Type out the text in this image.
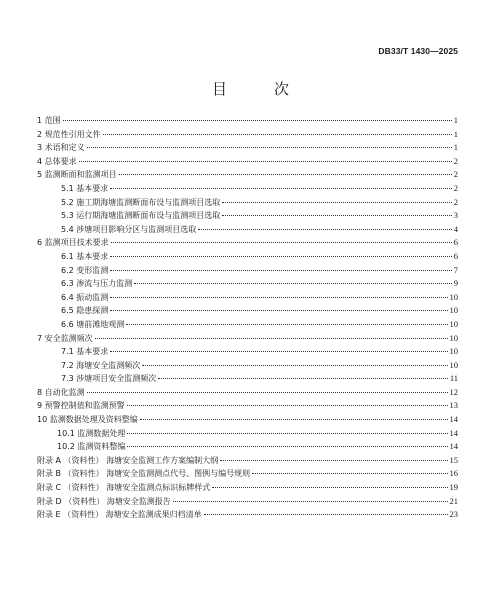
DB33/T 1430—2025
目　次
1 范围	1
2 规范性引用文件	1
3 术语和定义	1
4 总体要求	2
5 监测断面和监测项目	2
5.1 基本要求	2
5.2 施工期海塘监测断面布设与监测项目选取	2
5.3 运行期海塘监测断面布设与监测项目选取	3
5.4 涉塘项目影响分区与监测项目选取	4
6 监测项目技术要求	6
6.1 基本要求	6
6.2 变形监测	7
6.3 渗流与压力监测	9
6.4 振动监测	10
6.5 隐患探测	10
6.6 塘前滩地观测	10
7 安全监测频次	10
7.1 基本要求	10
7.2 海塘安全监测频次	10
7.3 涉塘项目安全监测频次	11
8 自动化监测	12
9 预警控制值和监测预警	13
10 监测数据处理及资料整编	14
10.1 监测数据处理	14
10.2 监测资料整编	14
附录 A （资料性） 海塘安全监测工作方案编制大纲	15
附录 B （资料性） 海塘安全监测测点代号、图例与编号规则	16
附录 C （资料性） 海塘安全监测点标识标牌样式	19
附录 D （资料性） 海塘安全监测报告	21
附录 E （资料性） 海塘安全监测成果归档清单	23
